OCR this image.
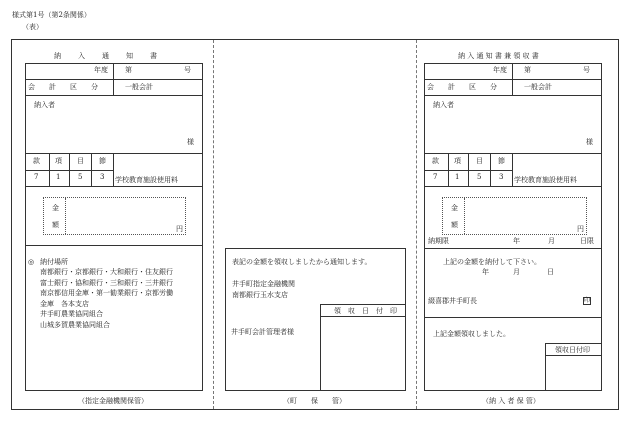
様式第1号（第2条関係）
（表）
納　　入　　通　　知　　書
年度 第	号
会　　計　　区　　分	一般会計
納入者
様
款 項 目 節
7	1	5	3 学校教育施設使用料
金
額	円
◎ 納付場所
南都銀行・京都銀行・大和銀行・住友銀行
富士銀行・協和銀行・三和銀行・三井銀行
南京都信用金庫・第一勧業銀行・京都労働
金庫　各本支店
井手町農業協同組合
山城多賀農業協同組合
（指定金融機関保管）
表記の金額を領収しましたから通知します。
井手町指定金融機関
南都銀行玉水支店
領　収　日　付　印
井手町会計管理者様
（町　　保　　管）
納 入 通 知 書 兼 領 収 書
年度 第	号
会　　計　　区　　分	一般会計
納入者
様
款 項 目 節
7	1	5	3 学校教育施設使用料
金
額	円
納期限	年	月	日限
上記の金額を納付して下さい。
年	月	日
綴喜郡井手町長	印
上記金額領収しました。
領収日付印
（納 入 者 保 管）
